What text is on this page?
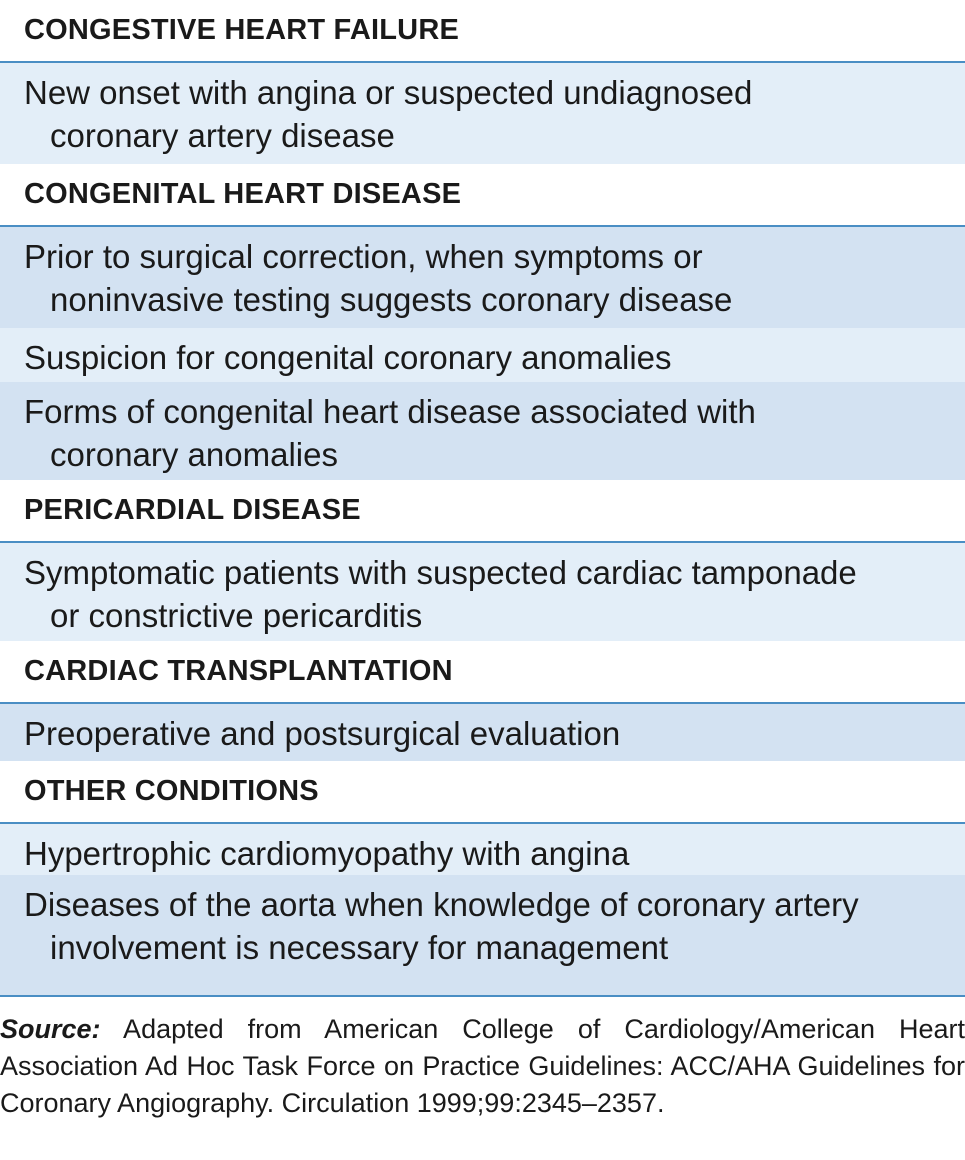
CONGESTIVE HEART FAILURE
New onset with angina or suspected undiagnosed
coronary artery disease
CONGENITAL HEART DISEASE
Prior to surgical correction, when symptoms or
noninvasive testing suggests coronary disease
Suspicion for congenital coronary anomalies
Forms of congenital heart disease associated with
coronary anomalies
PERICARDIAL DISEASE
Symptomatic patients with suspected cardiac tamponade
or constrictive pericarditis
CARDIAC TRANSPLANTATION
Preoperative and postsurgical evaluation
OTHER CONDITIONS
Hypertrophic cardiomyopathy with angina
Diseases of the aorta when knowledge of coronary artery
involvement is necessary for management
Source: Adapted from American College of Cardiology/American Heart Association Ad Hoc Task Force on Practice Guidelines: ACC/AHA Guidelines for Coronary Angiography. Circulation 1999;99:2345–2357.
